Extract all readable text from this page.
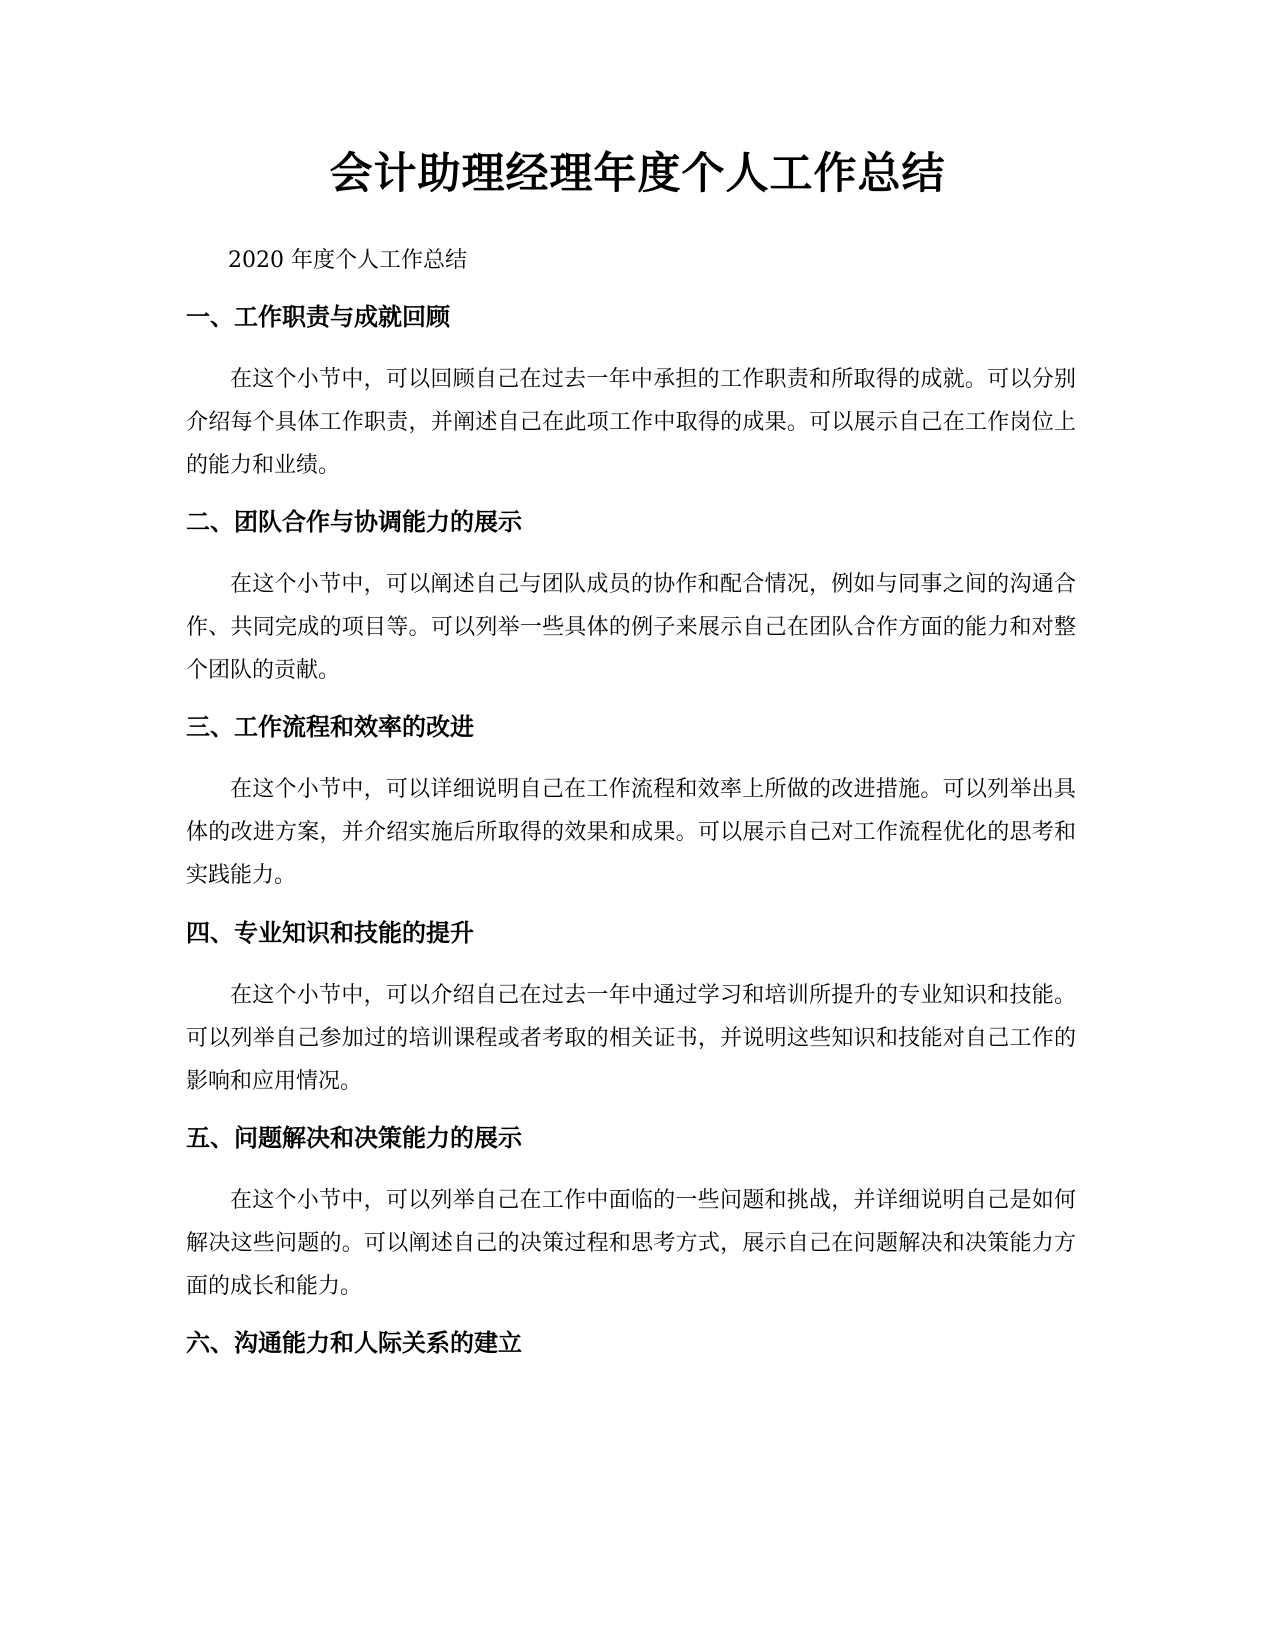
会计助理经理年度个人工作总结

2020 年度个人工作总结

一、工作职责与成就回顾

在这个小节中，可以回顾自己在过去一年中承担的工作职责和所取得的成就。可以分别介绍每个具体工作职责，并阐述自己在此项工作中取得的成果。可以展示自己在工作岗位上的能力和业绩。

二、团队合作与协调能力的展示

在这个小节中，可以阐述自己与团队成员的协作和配合情况，例如与同事之间的沟通合作、共同完成的项目等。可以列举一些具体的例子来展示自己在团队合作方面的能力和对整个团队的贡献。

三、工作流程和效率的改进

在这个小节中，可以详细说明自己在工作流程和效率上所做的改进措施。可以列举出具体的改进方案，并介绍实施后所取得的效果和成果。可以展示自己对工作流程优化的思考和实践能力。

四、专业知识和技能的提升

在这个小节中，可以介绍自己在过去一年中通过学习和培训所提升的专业知识和技能。可以列举自己参加过的培训课程或者考取的相关证书，并说明这些知识和技能对自己工作的影响和应用情况。

五、问题解决和决策能力的展示

在这个小节中，可以列举自己在工作中面临的一些问题和挑战，并详细说明自己是如何解决这些问题的。可以阐述自己的决策过程和思考方式，展示自己在问题解决和决策能力方面的成长和能力。

六、沟通能力和人际关系的建立
